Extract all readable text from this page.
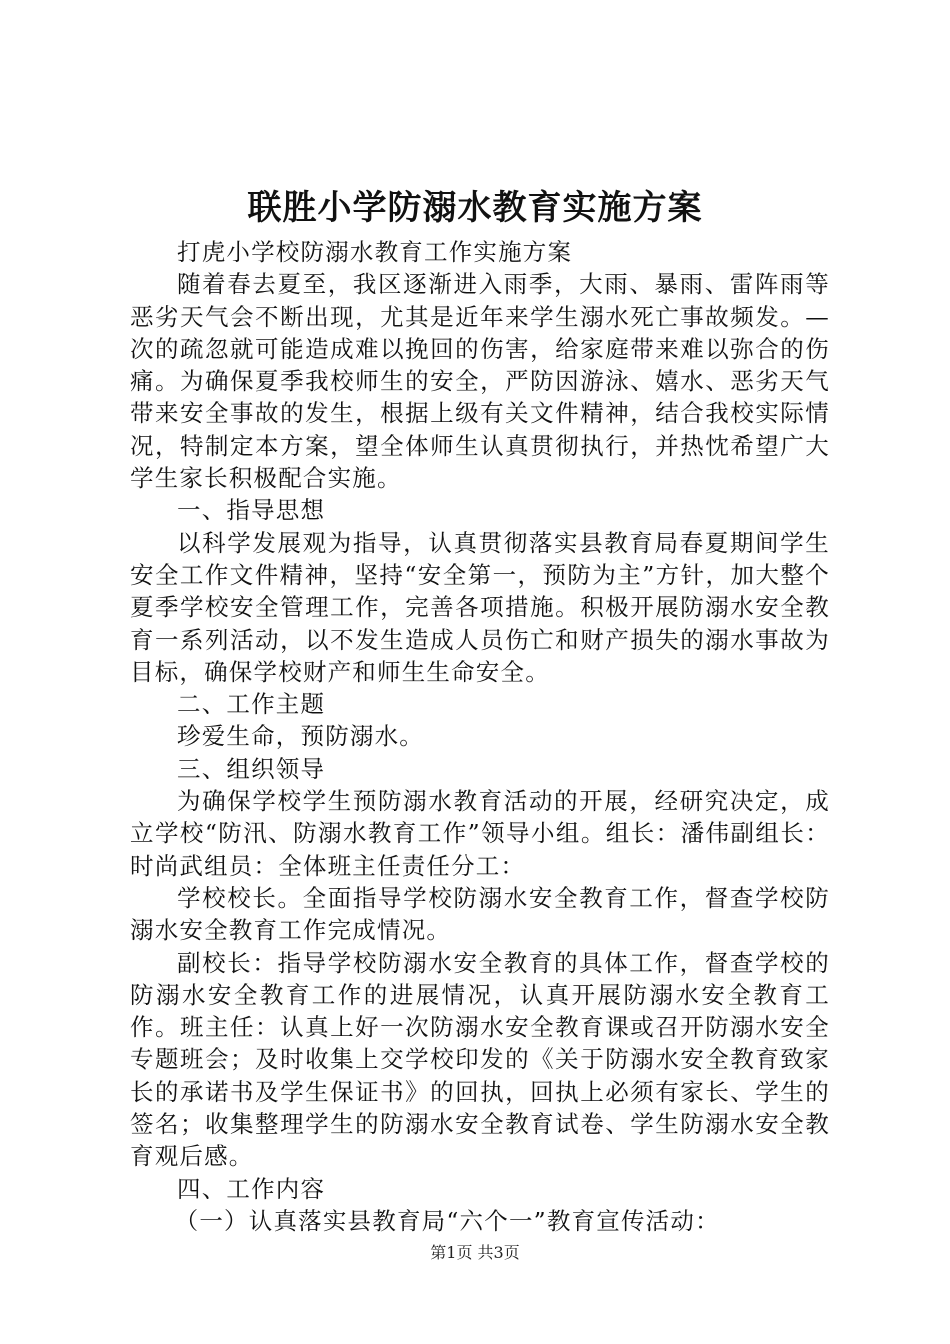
联胜小学防溺水教育实施方案

打虎小学校防溺水教育工作实施方案

随着春去夏至，我区逐渐进入雨季，大雨、暴雨、雷阵雨等恶劣天气会不断出现，尤其是近年来学生溺水死亡事故频发。—次的疏忽就可能造成难以挽回的伤害，给家庭带来难以弥合的伤痛。为确保夏季我校师生的安全，严防因游泳、嬉水、恶劣天气带来安全事故的发生，根据上级有关文件精神，结合我校实际情况，特制定本方案，望全体师生认真贯彻执行，并热忱希望广大学生家长积极配合实施。

一、指导思想

以科学发展观为指导，认真贯彻落实县教育局春夏期间学生安全工作文件精神，坚持“安全第一，预防为主”方针，加大整个夏季学校安全管理工作，完善各项措施。积极开展防溺水安全教育一系列活动，以不发生造成人员伤亡和财产损失的溺水事故为目标，确保学校财产和师生生命安全。

二、工作主题

珍爱生命，预防溺水。

三、组织领导

为确保学校学生预防溺水教育活动的开展，经研究决定，成立学校“防汛、防溺水教育工作”领导小组。组长：潘伟副组长：时尚武组员：全体班主任责任分工：

学校校长。全面指导学校防溺水安全教育工作，督查学校防溺水安全教育工作完成情况。

副校长：指导学校防溺水安全教育的具体工作，督查学校的防溺水安全教育工作的进展情况，认真开展防溺水安全教育工作。班主任：认真上好一次防溺水安全教育课或召开防溺水安全专题班会；及时收集上交学校印发的《关于防溺水安全教育致家长的承诺书及学生保证书》的回执，回执上必须有家长、学生的签名；收集整理学生的防溺水安全教育试卷、学生防溺水安全教育观后感。

四、工作内容

（一）认真落实县教育局“六个一”教育宣传活动：

第1页 共3页
